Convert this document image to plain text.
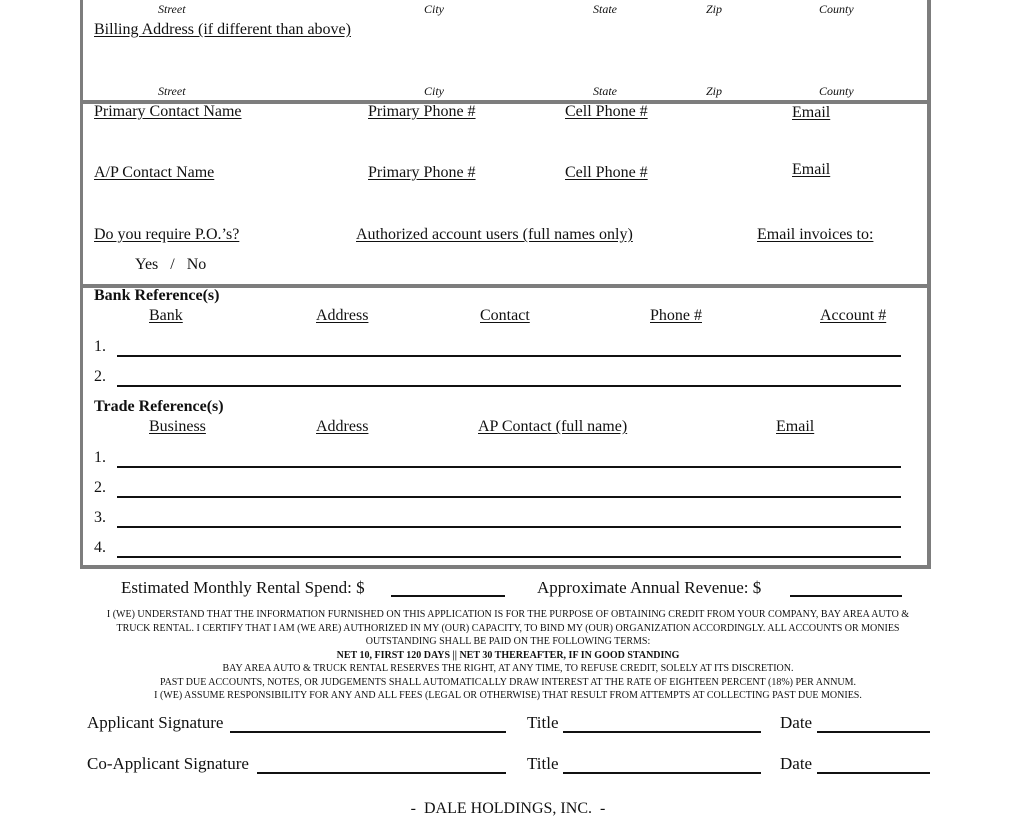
Street	City	State	Zip	County
Billing Address (if different than above)
Street	City	State	Zip	County
Primary Contact Name	Primary Phone #	Cell Phone #	Email
A/P Contact Name	Primary Phone #	Cell Phone #	Email
Do you require P.O.’s?	Authorized account users (full names only)	Email invoices to:
Yes   /   No
Bank Reference(s)
Bank	Address	Contact	Phone #	Account #
1.
2.
Trade Reference(s)
Business	Address	AP Contact (full name)	Email
1.
2.
3.
4.
Estimated Monthly Rental Spend: $	Approximate Annual Revenue: $
I (WE) UNDERSTAND THAT THE INFORMATION FURNISHED ON THIS APPLICATION IS FOR THE PURPOSE OF OBTAINING CREDIT FROM YOUR COMPANY, BAY AREA AUTO &
TRUCK RENTAL. I CERTIFY THAT I AM (WE ARE) AUTHORIZED IN MY (OUR) CAPACITY, TO BIND MY (OUR) ORGANIZATION ACCORDINGLY. ALL ACCOUNTS OR MONIES
OUTSTANDING SHALL BE PAID ON THE FOLLOWING TERMS:
NET 10, FIRST 120 DAYS || NET 30 THEREAFTER, IF IN GOOD STANDING
BAY AREA AUTO & TRUCK RENTAL RESERVES THE RIGHT, AT ANY TIME, TO REFUSE CREDIT, SOLELY AT ITS DISCRETION.
PAST DUE ACCOUNTS, NOTES, OR JUDGEMENTS SHALL AUTOMATICALLY DRAW INTEREST AT THE RATE OF EIGHTEEN PERCENT (18%) PER ANNUM.
I (WE) ASSUME RESPONSIBILITY FOR ANY AND ALL FEES (LEGAL OR OTHERWISE) THAT RESULT FROM ATTEMPTS AT COLLECTING PAST DUE MONIES.
Applicant Signature	Title	Date
Co-Applicant Signature	Title	Date
-  DALE HOLDINGS, INC.  -
